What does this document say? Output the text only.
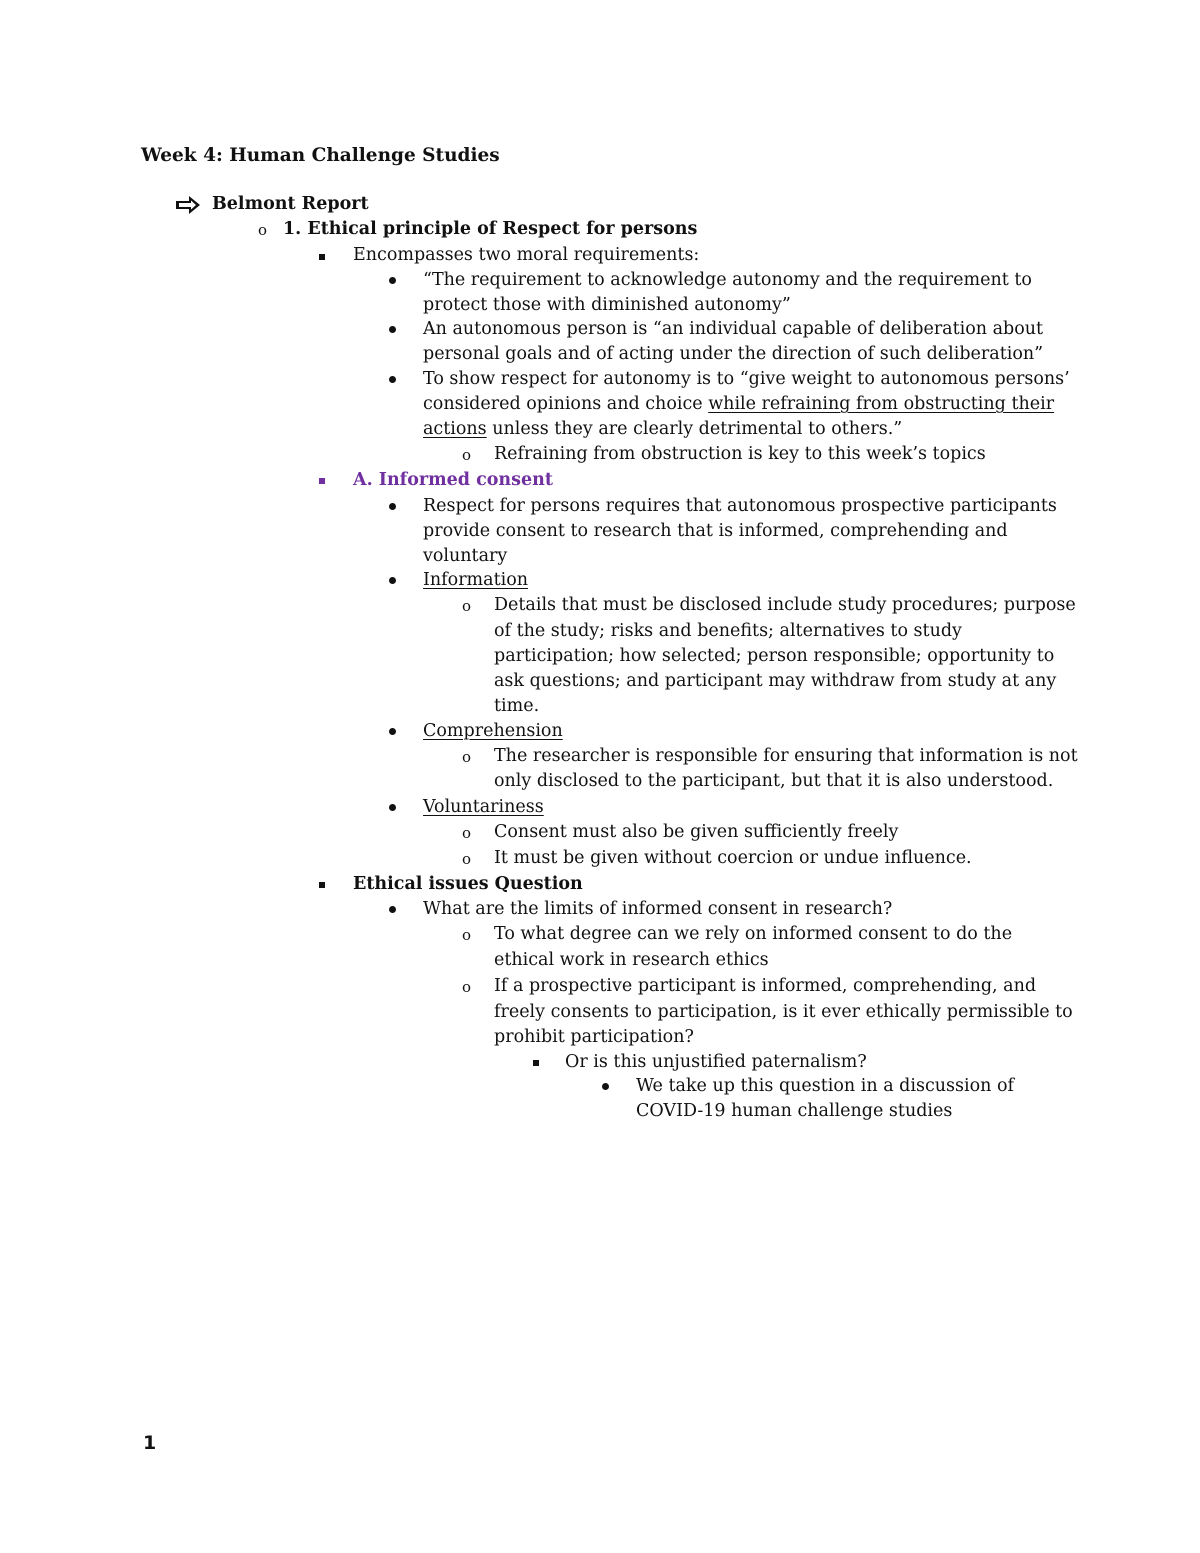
Week 4: Human Challenge Studies
Belmont Report
o 1. Ethical principle of Respect for persons
Encompasses two moral requirements:
“The requirement to acknowledge autonomy and the requirement to
protect those with diminished autonomy”
An autonomous person is “an individual capable of deliberation about
personal goals and of acting under the direction of such deliberation”
To show respect for autonomy is to “give weight to autonomous persons’
considered opinions and choice while refraining from obstructing their
actions unless they are clearly detrimental to others.”
o Refraining from obstruction is key to this week’s topics
A. Informed consent
Respect for persons requires that autonomous prospective participants
provide consent to research that is informed, comprehending and
voluntary
Information
o Details that must be disclosed include study procedures; purpose
of the study; risks and benefits; alternatives to study
participation; how selected; person responsible; opportunity to
ask questions; and participant may withdraw from study at any
time.
Comprehension
o The researcher is responsible for ensuring that information is not
only disclosed to the participant, but that it is also understood.
Voluntariness
o Consent must also be given sufficiently freely
o It must be given without coercion or undue influence.
Ethical issues Question
What are the limits of informed consent in research?
o To what degree can we rely on informed consent to do the
ethical work in research ethics
o If a prospective participant is informed, comprehending, and
freely consents to participation, is it ever ethically permissible to
prohibit participation?
Or is this unjustified paternalism?
We take up this question in a discussion of
COVID-19 human challenge studies
1
